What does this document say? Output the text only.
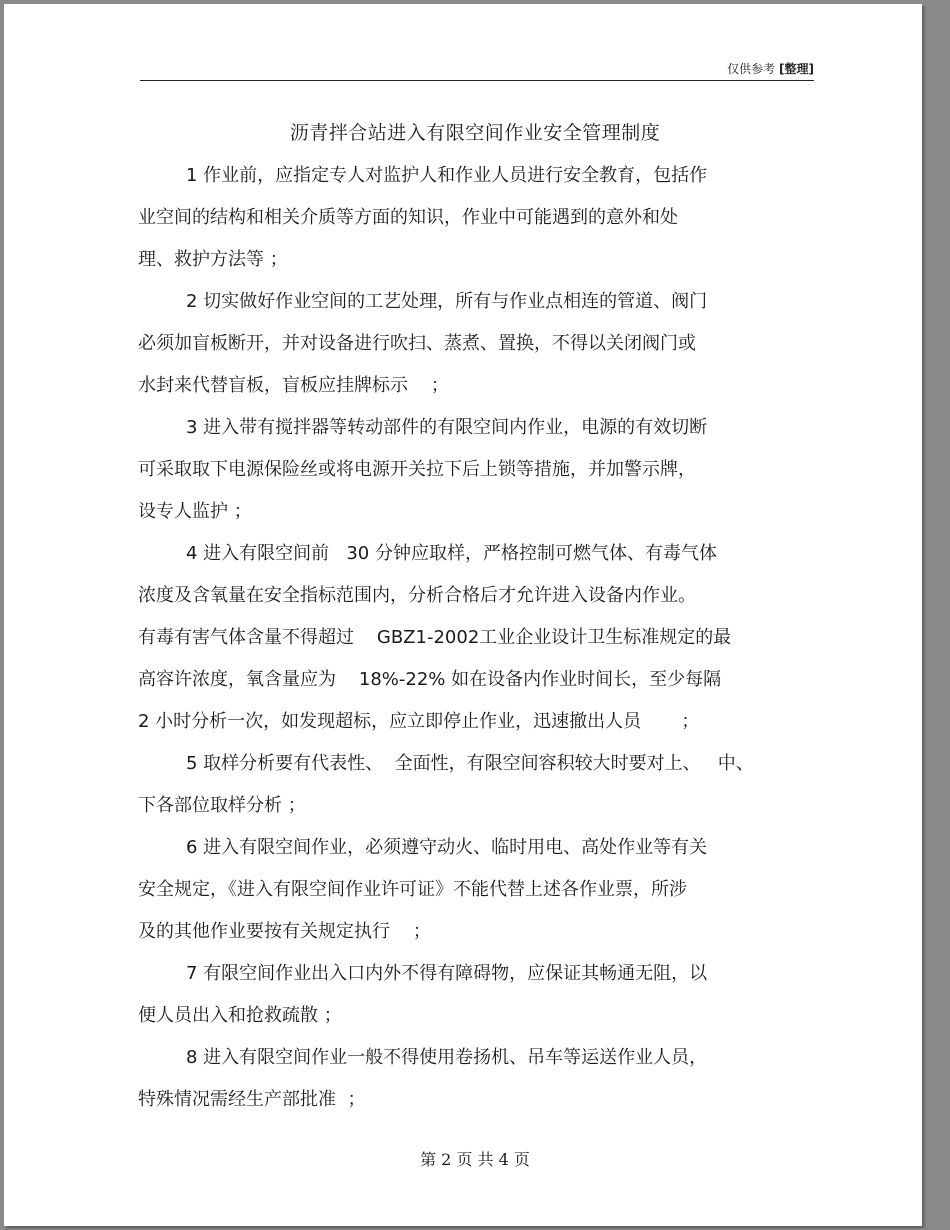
仅供参考 [整理]
沥青拌合站进入有限空间作业安全管理制度
1 作业前，应指定专人对监护人和作业人员进行安全教育，包括作
业空间的结构和相关介质等方面的知识，作业中可能遇到的意外和处
理、救护方法等 ；
2 切实做好作业空间的工艺处理，所有与作业点相连的管道、阀门
必须加盲板断开，并对设备进行吹扫、蒸煮、置换，不得以关闭阀门或
水封来代替盲板，盲板应挂牌标示    ；
3 进入带有搅拌器等转动部件的有限空间内作业，电源的有效切断
可采取取下电源保险丝或将电源开关拉下后上锁等措施，并加警示牌，
设专人监护 ；
4 进入有限空间前   30 分钟应取样，严格控制可燃气体、有毒气体
浓度及含氧量在安全指标范围内，分析合格后才允许进入设备内作业。
有毒有害气体含量不得超过    GBZ1-2002工业企业设计卫生标准规定的最
高容许浓度，氧含量应为    18%-22% 如在设备内作业时间长，至少每隔
2 小时分析一次，如发现超标，应立即停止作业，迅速撤出人员       ；
5 取样分析要有代表性、  全面性，有限空间容积较大时要对上、   中、
下各部位取样分析 ；
6 进入有限空间作业，必须遵守动火、临时用电、高处作业等有关
安全规定，《进入有限空间作业许可证》不能代替上述各作业票，所涉
及的其他作业要按有关规定执行    ；
7 有限空间作业出入口内外不得有障碍物，应保证其畅通无阻，以
便人员出入和抢救疏散 ；
8 进入有限空间作业一般不得使用卷扬机、吊车等运送作业人员，
特殊情况需经生产部批准  ；
第 2 页 共 4 页
